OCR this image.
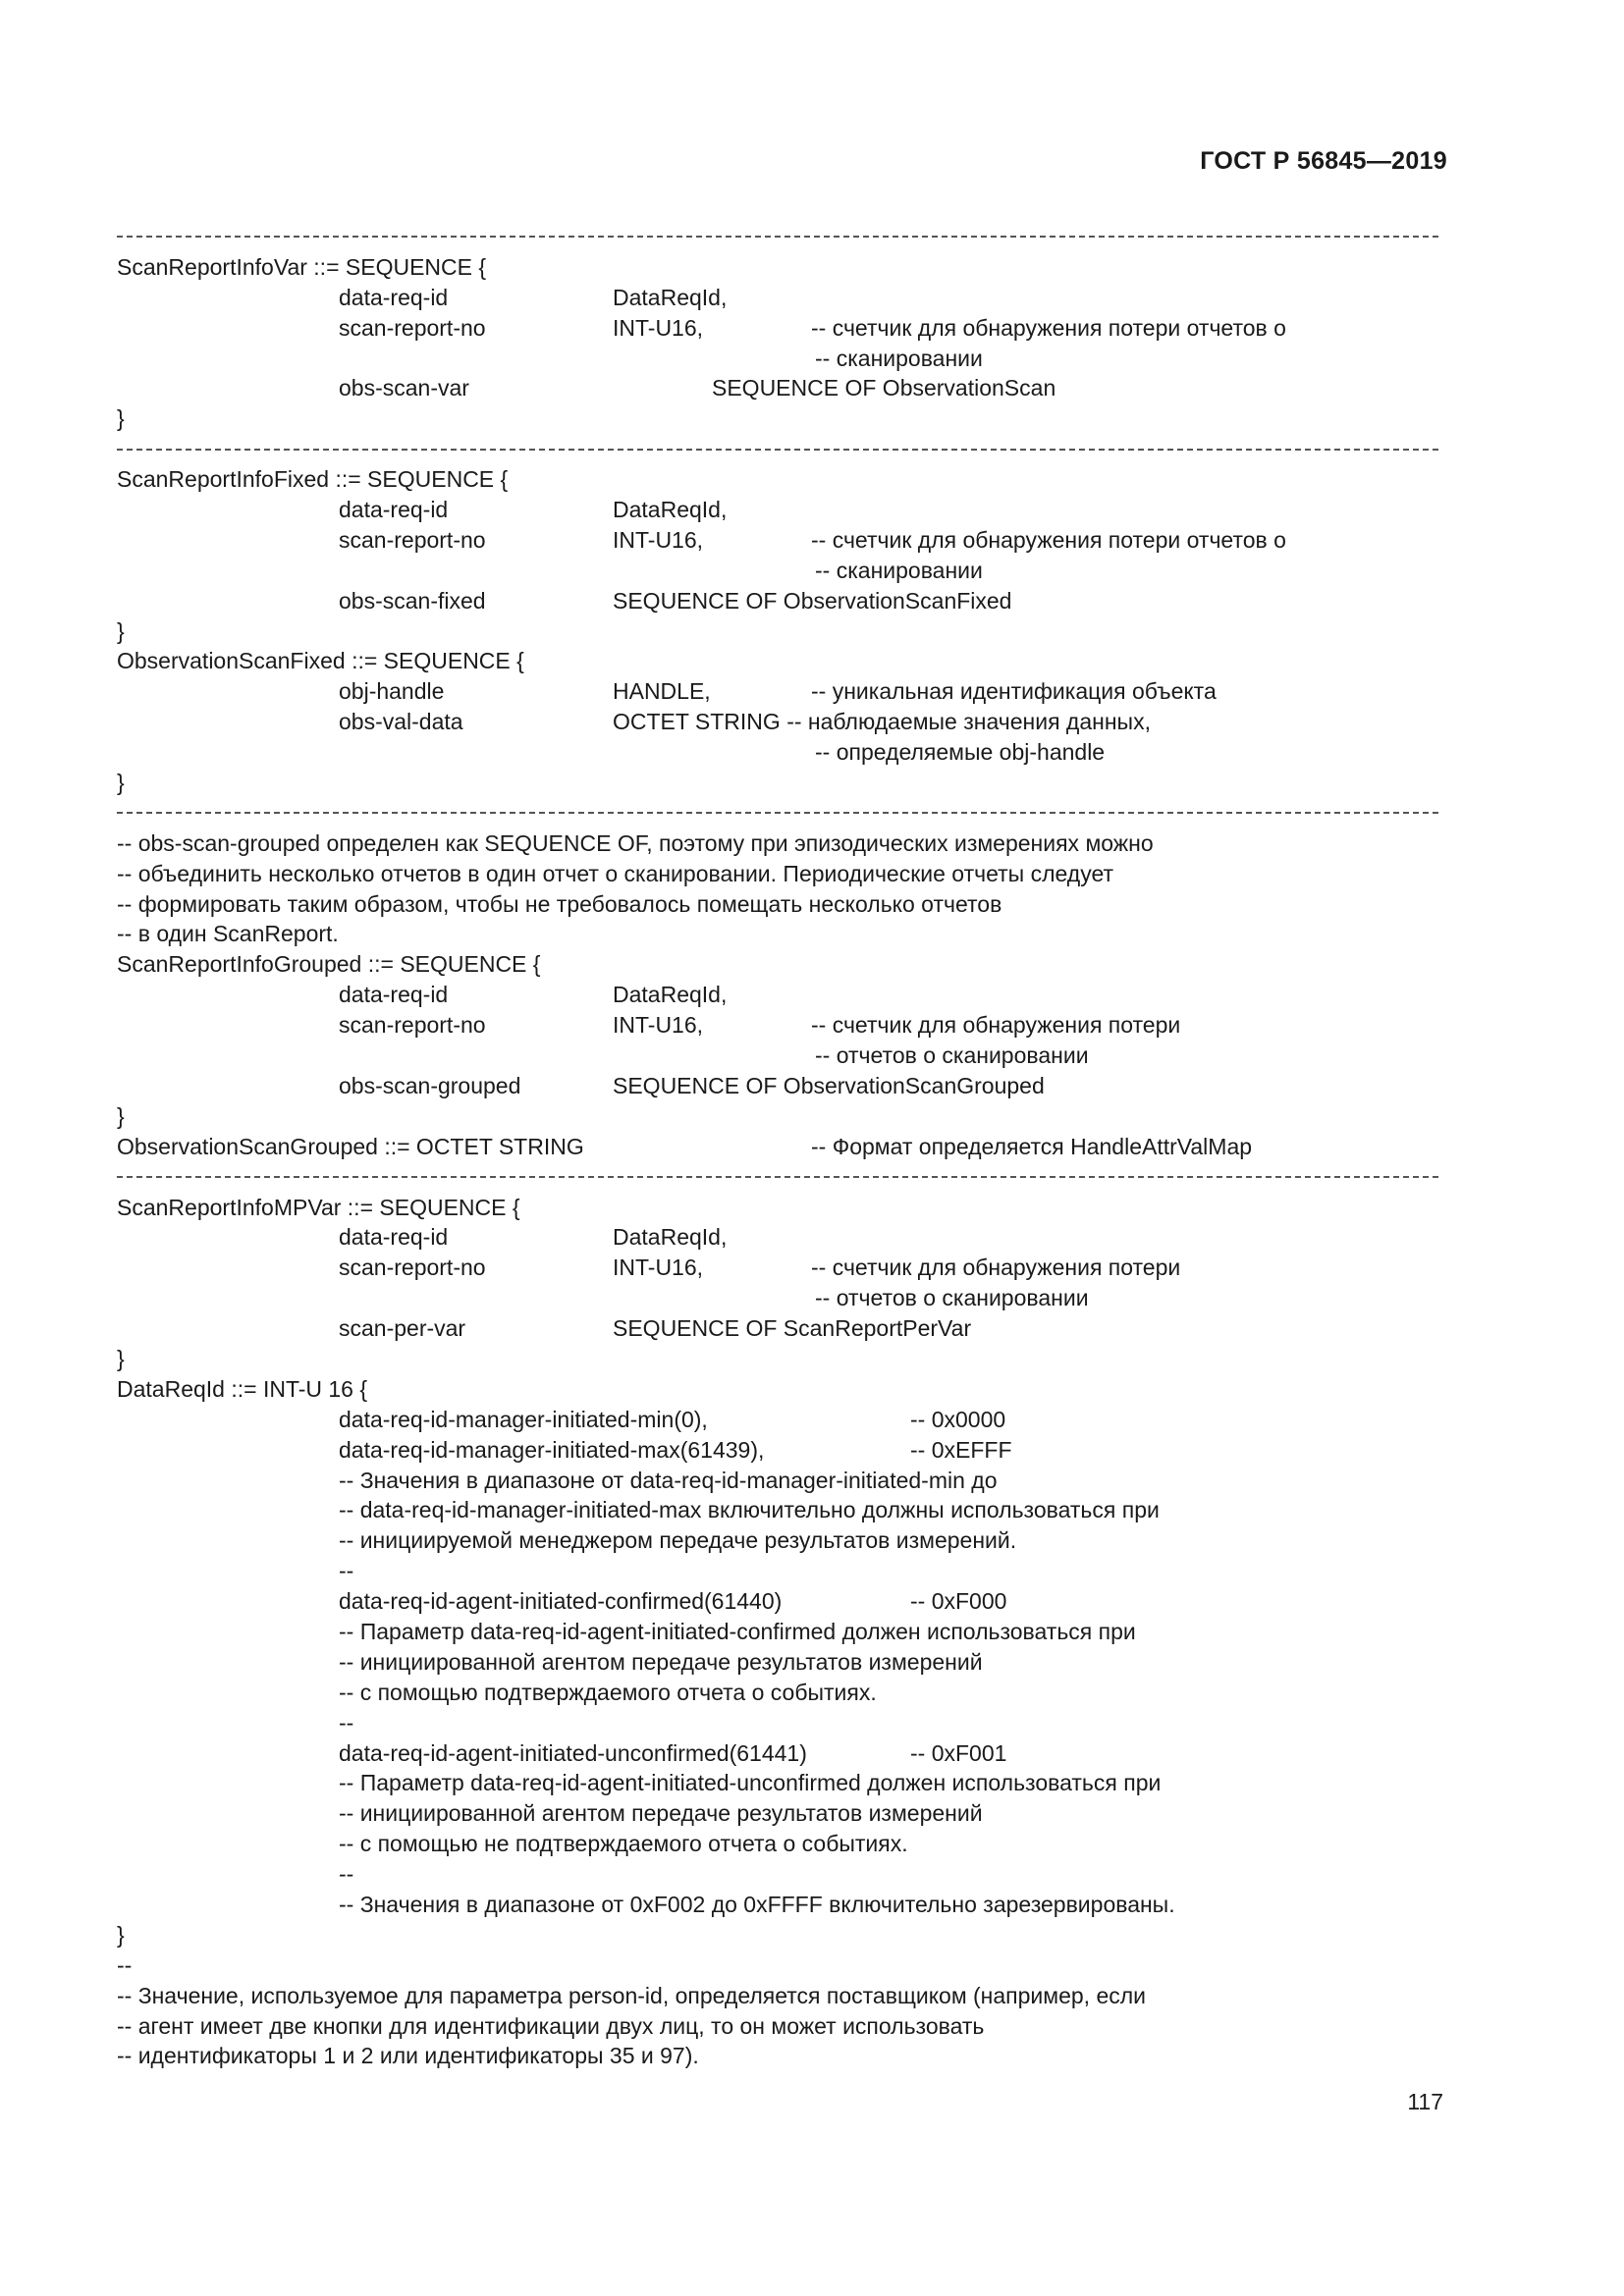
ГОСТ Р 56845—2019
ScanReportInfoVar ::= SEQUENCE {
data-req-id	DataReqId,
scan-report-no	INT-U16,	-- счетчик для обнаружения потери отчетов о
-- сканировании
obs-scan-var	SEQUENCE OF ObservationScan
}
ScanReportInfoFixed ::= SEQUENCE {
data-req-id	DataReqId,
scan-report-no	INT-U16,	-- счетчик для обнаружения потери отчетов о
-- сканировании
obs-scan-fixed	SEQUENCE OF ObservationScanFixed
}
ObservationScanFixed ::= SEQUENCE {
obj-handle	HANDLE,	-- уникальная идентификация объекта
obs-val-data	OCTET STRING -- наблюдаемые значения данных,
-- определяемые obj-handle
}
-- obs-scan-grouped определен как SEQUENCE OF, поэтому при эпизодических измерениях можно
-- объединить несколько отчетов в один отчет о сканировании. Периодические отчеты следует
-- формировать таким образом, чтобы не требовалось помещать несколько отчетов
-- в один ScanReport.
ScanReportInfoGrouped ::= SEQUENCE {
data-req-id	DataReqId,
scan-report-no	INT-U16,	-- счетчик для обнаружения потери
-- отчетов о сканировании
obs-scan-grouped	SEQUENCE OF ObservationScanGrouped
}
ObservationScanGrouped ::= OCTET STRING	-- Формат определяется HandleAttrValMap
ScanReportInfoMPVar ::= SEQUENCE {
data-req-id	DataReqId,
scan-report-no	INT-U16,	-- счетчик для обнаружения потери
-- отчетов о сканировании
scan-per-var	SEQUENCE OF ScanReportPerVar
}
DataReqId ::= INT-U 16 {
data-req-id-manager-initiated-min(0),	-- 0x0000
data-req-id-manager-initiated-max(61439),	-- 0xEFFF
-- Значения в диапазоне от data-req-id-manager-initiated-min до
-- data-req-id-manager-initiated-max включительно должны использоваться при
-- инициируемой менеджером передаче результатов измерений.
--
data-req-id-agent-initiated-confirmed(61440)	-- 0xF000
-- Параметр data-req-id-agent-initiated-confirmed должен использоваться при
-- инициированной агентом передаче результатов измерений
-- с помощью подтверждаемого отчета о событиях.
--
data-req-id-agent-initiated-unconfirmed(61441)	-- 0xF001
-- Параметр data-req-id-agent-initiated-unconfirmed должен использоваться при
-- инициированной агентом передаче результатов измерений
-- с помощью не подтверждаемого отчета о событиях.
--
-- Значения в диапазоне от 0xF002 до 0xFFFF включительно зарезервированы.
}
--
-- Значение, используемое для параметра person-id, определяется поставщиком (например, если
-- агент имеет две кнопки для идентификации двух лиц, то он может использовать
-- идентификаторы 1 и 2 или идентификаторы 35 и 97).
117
